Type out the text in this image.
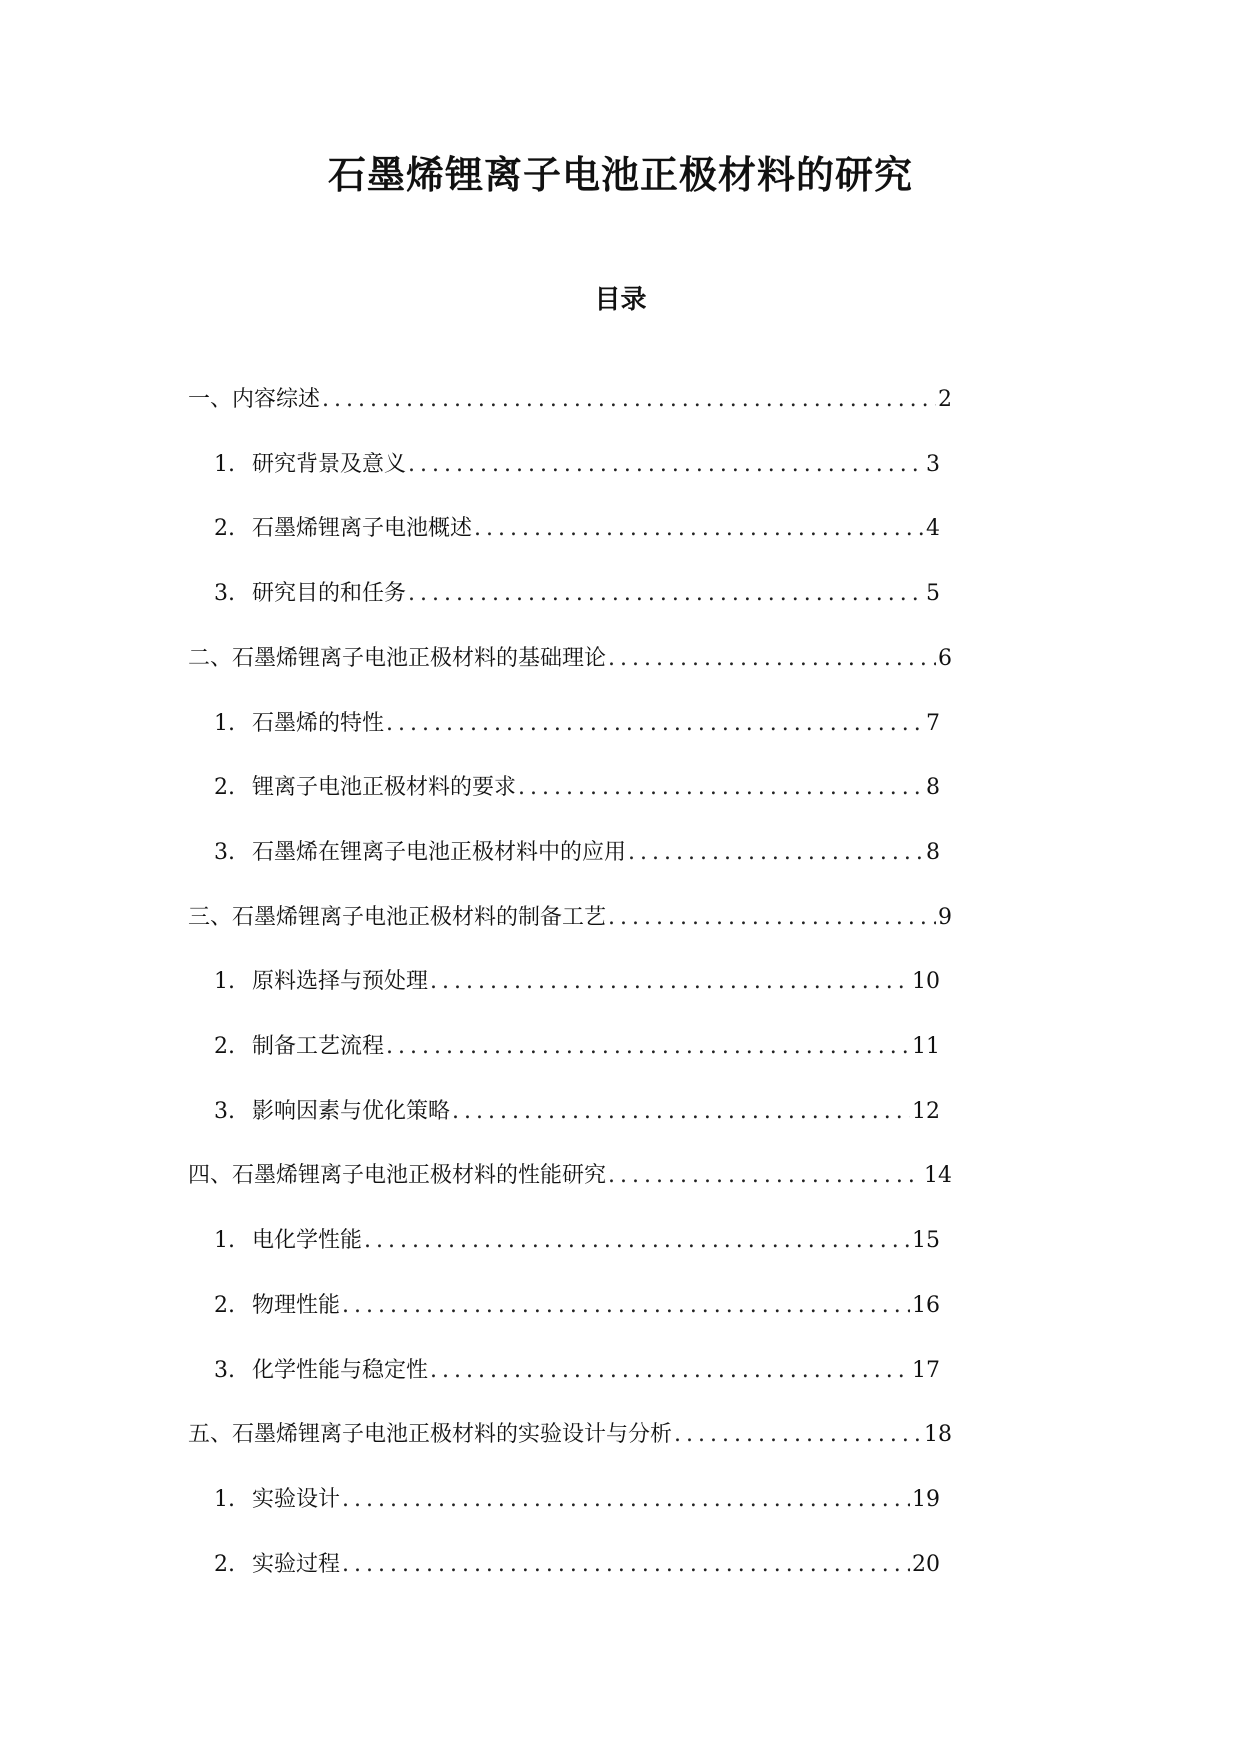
石墨烯锂离子电池正极材料的研究
目录
一、内容综述 .....	2
1. 研究背景及意义 .....	3
2. 石墨烯锂离子电池概述 .....	4
3. 研究目的和任务 .....	5
二、石墨烯锂离子电池正极材料的基础理论 .....	6
1. 石墨烯的特性 .....	7
2. 锂离子电池正极材料的要求 .....	8
3. 石墨烯在锂离子电池正极材料中的应用 .....	8
三、石墨烯锂离子电池正极材料的制备工艺 .....	9
1. 原料选择与预处理 .....	10
2. 制备工艺流程 .....	11
3. 影响因素与优化策略 .....	12
四、石墨烯锂离子电池正极材料的性能研究 .....	14
1. 电化学性能 .....	15
2. 物理性能 .....	16
3. 化学性能与稳定性 .....	17
五、石墨烯锂离子电池正极材料的实验设计与分析 .....	18
1. 实验设计 .....	19
2. 实验过程 .....	20
